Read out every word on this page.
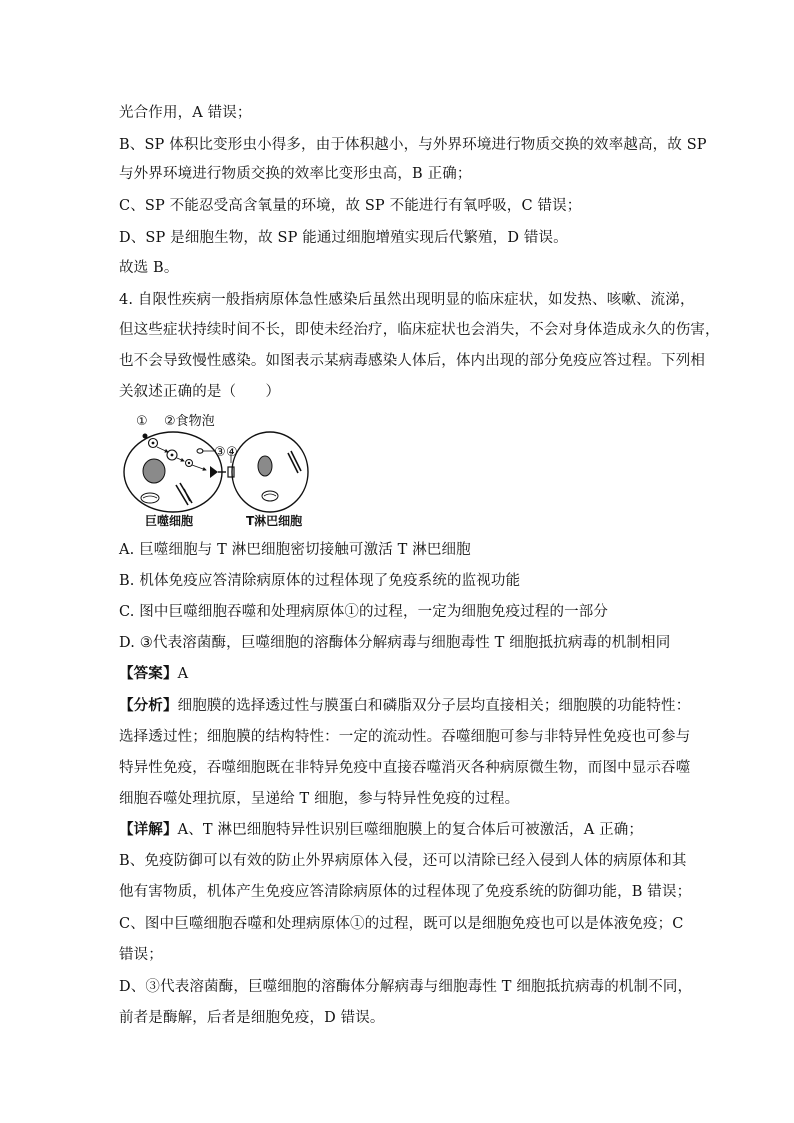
光合作用，A 错误；
B、SP 体积比变形虫小得多，由于体积越小，与外界环境进行物质交换的效率越高，故 SP
与外界环境进行物质交换的效率比变形虫高，B 正确；
C、SP 不能忍受高含氧量的环境，故 SP 不能进行有氧呼吸，C 错误；
D、SP 是细胞生物，故 SP 能通过细胞增殖实现后代繁殖，D 错误。
故选 B。
4. 自限性疾病一般指病原体急性感染后虽然出现明显的临床症状，如发热、咳嗽、流涕，
但这些症状持续时间不长，即使未经治疗，临床症状也会消失，不会对身体造成永久的伤害，
也不会导致慢性感染。如图表示某病毒感染人体后，体内出现的部分免疫应答过程。下列相
关叙述正确的是（　　）
① ②食物泡
③ ④
巨噬细胞	T淋巴细胞
A. 巨噬细胞与 T 淋巴细胞密切接触可激活 T 淋巴细胞
B. 机体免疫应答清除病原体的过程体现了免疫系统的监视功能
C. 图中巨噬细胞吞噬和处理病原体①的过程，一定为细胞免疫过程的一部分
D. ③代表溶菌酶，巨噬细胞的溶酶体分解病毒与细胞毒性 T 细胞抵抗病毒的机制相同
【答案】A
【分析】细胞膜的选择透过性与膜蛋白和磷脂双分子层均直接相关；细胞膜的功能特性：
选择透过性；细胞膜的结构特性：一定的流动性。吞噬细胞可参与非特异性免疫也可参与
特异性免疫，吞噬细胞既在非特异免疫中直接吞噬消灭各种病原微生物，而图中显示吞噬
细胞吞噬处理抗原，呈递给 T 细胞，参与特异性免疫的过程。
【详解】A、T 淋巴细胞特异性识别巨噬细胞膜上的复合体后可被激活，A 正确；
B、免疫防御可以有效的防止外界病原体入侵，还可以清除已经入侵到人体的病原体和其
他有害物质，机体产生免疫应答清除病原体的过程体现了免疫系统的防御功能，B 错误；
C、图中巨噬细胞吞噬和处理病原体①的过程，既可以是细胞免疫也可以是体液免疫；C
错误；
D、③代表溶菌酶，巨噬细胞的溶酶体分解病毒与细胞毒性 T 细胞抵抗病毒的机制不同，
前者是酶解，后者是细胞免疫，D 错误。
